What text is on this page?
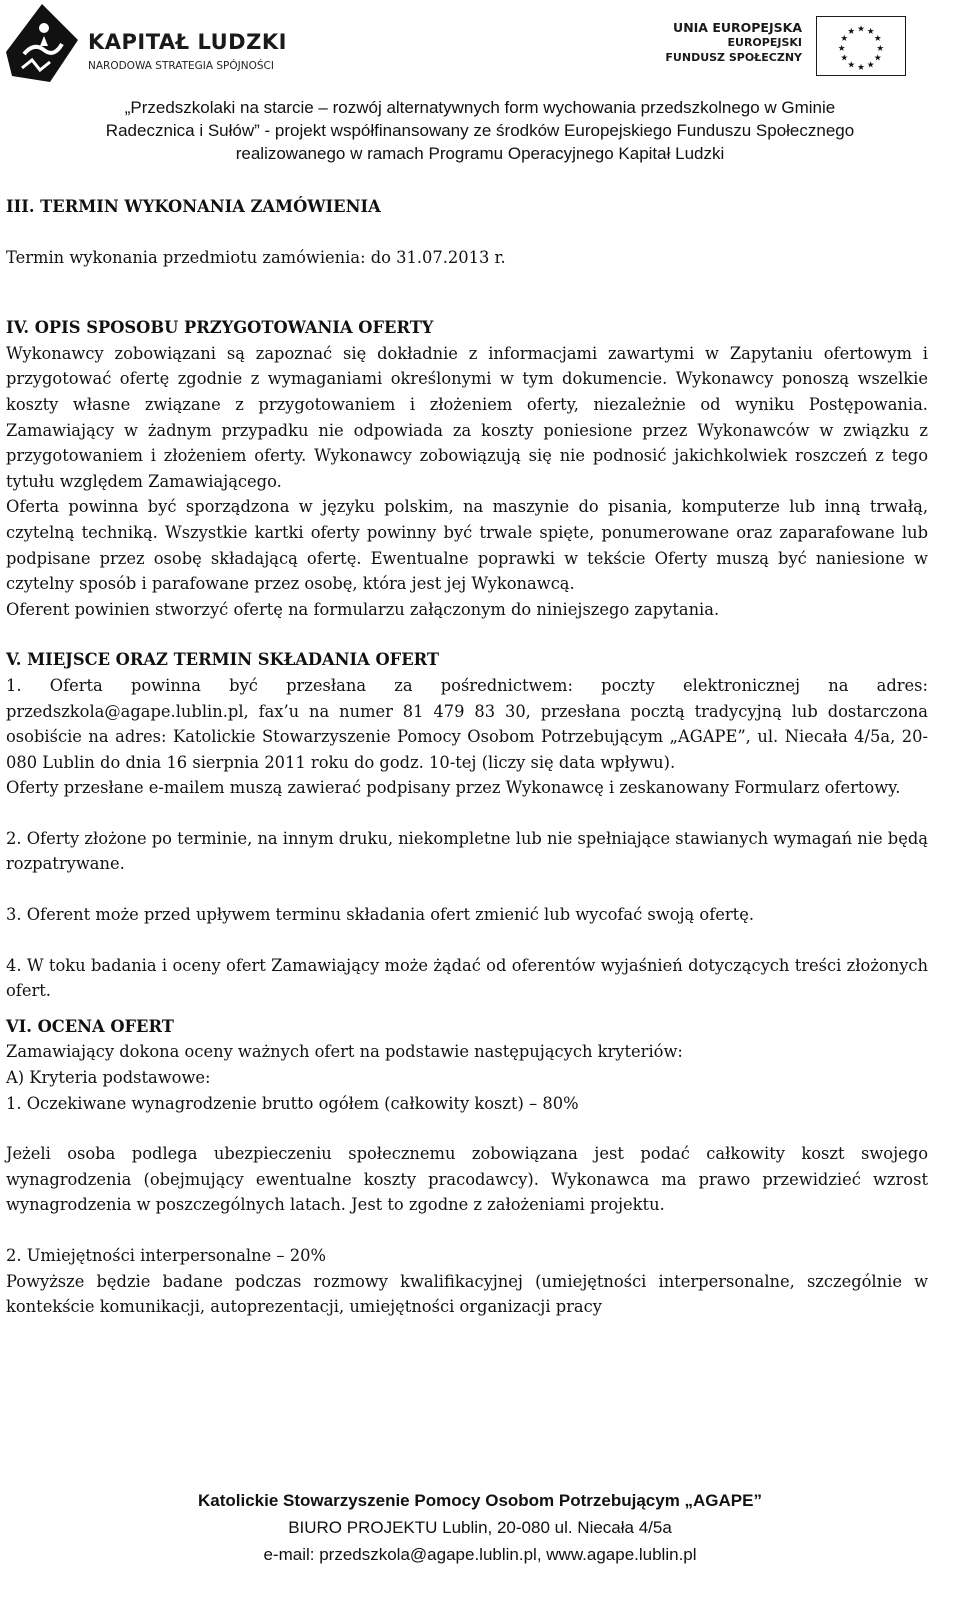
KAPITAŁ LUDZKI
NARODOWA STRATEGIA SPÓJNOŚCI
UNIA EUROPEJSKA
EUROPEJSKI
FUNDUSZ SPOŁECZNY
★ ★
★
★
★
★
★
★
★
★
★
★
„Przedszkolaki na starcie – rozwój alternatywnych form wychowania przedszkolnego w Gminie
Radecznica i Sułów” - projekt współfinansowany ze środków Europejskiego Funduszu Społecznego
realizowanego w ramach Programu Operacyjnego Kapitał Ludzki

III. TERMIN WYKONANIA ZAMÓWIENIA

Termin wykonania przedmiotu zamówienia: do 31.07.2013 r.

IV. OPIS SPOSOBU PRZYGOTOWANIA OFERTY

Wykonawcy zobowiązani są zapoznać się dokładnie z informacjami zawartymi w Zapytaniu ofertowym i przygotować ofertę zgodnie z wymaganiami określonymi w tym dokumencie. Wykonawcy ponoszą wszelkie koszty własne związane z przygotowaniem i złożeniem oferty, niezależnie od wyniku Postępowania. Zamawiający w żadnym przypadku nie odpowiada za koszty poniesione przez Wykonawców w związku z przygotowaniem i złożeniem oferty. Wykonawcy zobowiązują się nie podnosić jakichkolwiek roszczeń z tego tytułu względem Zamawiającego.

Oferta powinna być sporządzona w języku polskim, na maszynie do pisania, komputerze lub inną trwałą, czytelną techniką. Wszystkie kartki oferty powinny być trwale spięte, ponumerowane oraz zaparafowane lub podpisane przez osobę składającą ofertę. Ewentualne poprawki w tekście Oferty muszą być naniesione w czytelny sposób i parafowane przez osobę, która jest jej Wykonawcą.

Oferent powinien stworzyć ofertę na formularzu załączonym do niniejszego zapytania.

V. MIEJSCE ORAZ TERMIN SKŁADANIA OFERT

1. Oferta powinna być przesłana za pośrednictwem: poczty elektronicznej na adres: przedszkola@agape.lublin.pl, fax’u na numer 81 479 83 30, przesłana pocztą tradycyjną lub dostarczona osobiście na adres: Katolickie Stowarzyszenie Pomocy Osobom Potrzebującym „AGAPE”, ul. Niecała 4/5a, 20-080 Lublin do dnia 16 sierpnia 2011 roku do godz. 10-tej (liczy się data wpływu).

Oferty przesłane e-mailem muszą zawierać podpisany przez Wykonawcę i zeskanowany Formularz ofertowy.

2. Oferty złożone po terminie, na innym druku, niekompletne lub nie spełniające stawianych wymagań nie będą rozpatrywane.

3. Oferent może przed upływem terminu składania ofert zmienić lub wycofać swoją ofertę.

4. W toku badania i oceny ofert Zamawiający może żądać od oferentów wyjaśnień dotyczących treści złożonych ofert.

VI. OCENA OFERT

Zamawiający dokona oceny ważnych ofert na podstawie następujących kryteriów:

A) Kryteria podstawowe:

1. Oczekiwane wynagrodzenie brutto ogółem (całkowity koszt) – 80%

Jeżeli osoba podlega ubezpieczeniu społecznemu zobowiązana jest podać całkowity koszt swojego wynagrodzenia (obejmujący ewentualne koszty pracodawcy). Wykonawca ma prawo przewidzieć wzrost wynagrodzenia w poszczególnych latach. Jest to zgodne z założeniami projektu.

2. Umiejętności interpersonalne – 20%

Powyższe będzie badane podczas rozmowy kwalifikacyjnej (umiejętności interpersonalne, szczególnie w kontekście komunikacji, autoprezentacji, umiejętności organizacji pracy

Katolickie Stowarzyszenie Pomocy Osobom Potrzebującym „AGAPE”
BIURO PROJEKTU Lublin, 20-080 ul. Niecała 4/5a
e-mail: przedszkola@agape.lublin.pl, www.agape.lublin.pl
